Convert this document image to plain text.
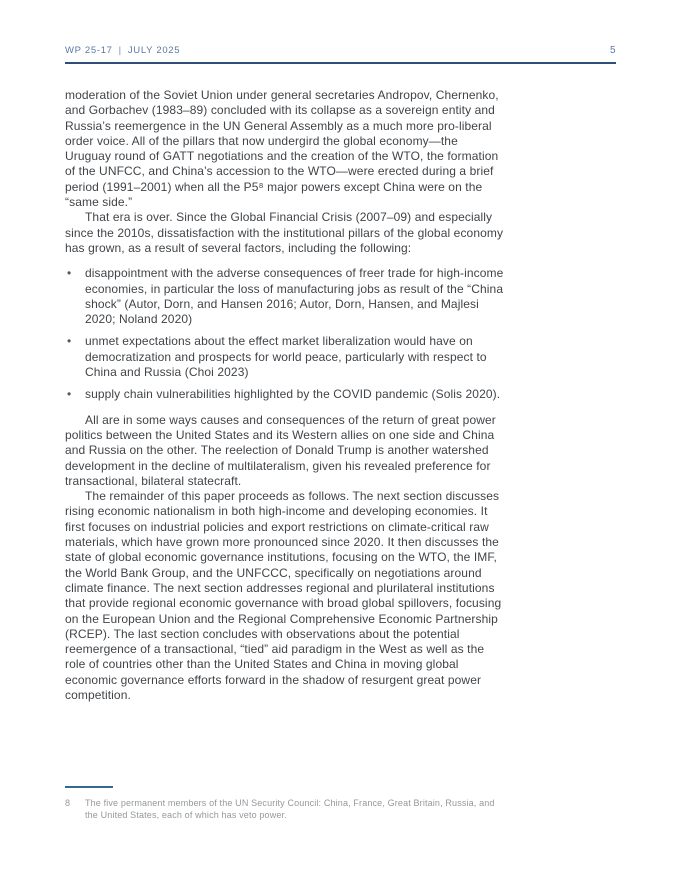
WP 25-17 | JULY 2025	5

moderation of the Soviet Union under general secretaries Andropov, Chernenko, and Gorbachev (1983–89) concluded with its collapse as a sovereign entity and Russia’s reemergence in the UN General Assembly as a much more pro-liberal order voice. All of the pillars that now undergird the global economy—the Uruguay round of GATT negotiations and the creation of the WTO, the formation of the UNFCC, and China’s accession to the WTO—were erected during a brief period (1991–2001) when all the P5⁸ major powers except China were on the “same side.”

That era is over. Since the Global Financial Crisis (2007–09) and especially since the 2010s, dissatisfaction with the institutional pillars of the global economy has grown, as a result of several factors, including the following:

• disappointment with the adverse consequences of freer trade for high-income economies, in particular the loss of manufacturing jobs as result of the “China shock” (Autor, Dorn, and Hansen 2016; Autor, Dorn, Hansen, and Majlesi 2020; Noland 2020)
• unmet expectations about the effect market liberalization would have on democratization and prospects for world peace, particularly with respect to China and Russia (Choi 2023)
• supply chain vulnerabilities highlighted by the COVID pandemic (Solis 2020).

All are in some ways causes and consequences of the return of great power politics between the United States and its Western allies on one side and China and Russia on the other. The reelection of Donald Trump is another watershed development in the decline of multilateralism, given his revealed preference for transactional, bilateral statecraft.

The remainder of this paper proceeds as follows. The next section discusses rising economic nationalism in both high-income and developing economies. It first focuses on industrial policies and export restrictions on climate-critical raw materials, which have grown more pronounced since 2020. It then discusses the state of global economic governance institutions, focusing on the WTO, the IMF, the World Bank Group, and the UNFCCC, specifically on negotiations around climate finance. The next section addresses regional and plurilateral institutions that provide regional economic governance with broad global spillovers, focusing on the European Union and the Regional Comprehensive Economic Partnership (RCEP). The last section concludes with observations about the potential reemergence of a transactional, “tied” aid paradigm in the West as well as the role of countries other than the United States and China in moving global economic governance efforts forward in the shadow of resurgent great power competition.

8	The five permanent members of the UN Security Council: China, France, Great Britain, Russia, and the United States, each of which has veto power.
